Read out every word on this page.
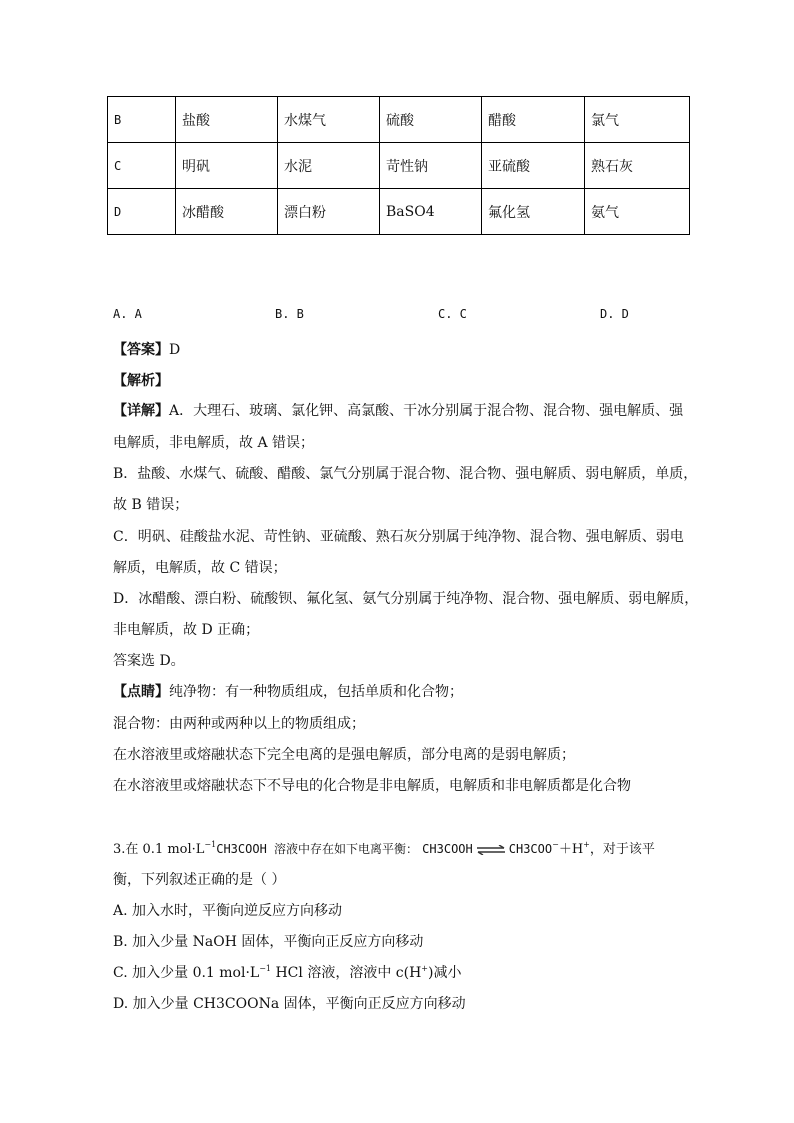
B	盐酸	水煤气	硫酸	醋酸	氯气
C	明矾	水泥	苛性钠	亚硫酸	熟石灰
D	冰醋酸	漂白粉	BaSO4	氟化氢	氨气
A. A	B. B	C. C	D. D
【答案】D
【解析】
【详解】A．大理石、玻璃、氯化钾、高氯酸、干冰分别属于混合物、混合物、强电解质、强
电解质，非电解质，故 A 错误；
B．盐酸、水煤气、硫酸、醋酸、氯气分别属于混合物、混合物、强电解质、弱电解质，单质，
故 B 错误；
C．明矾、硅酸盐水泥、苛性钠、亚硫酸、熟石灰分别属于纯净物、混合物、强电解质、弱电
解质，电解质，故 C 错误；
D．冰醋酸、漂白粉、硫酸钡、氟化氢、氨气分别属于纯净物、混合物、强电解质、弱电解质，
非电解质，故 D 正确；
答案选 D。
【点睛】纯净物：有一种物质组成，包括单质和化合物；
混合物：由两种或两种以上的物质组成；
在水溶液里或熔融状态下完全电离的是强电解质，部分电离的是弱电解质；
在水溶液里或熔融状态下不导电的化合物是非电解质，电解质和非电解质都是化合物
3.在 0.1 $mol\cdot L^{-1}CH3COOH$ 溶液中存在如下电离平衡： CH3COOH ⇌ CH3COO−＋H+，对于该平
衡，下列叙述正确的是（ ）
A. 加入水时，平衡向逆反应方向移动
B. 加入少量 NaOH 固体，平衡向正反应方向移动
C. 加入少量 0.1 $mol\cdot L^{-1}$ HCl 溶液，溶液中 c(H+)减小
D. 加入少量 CH3COONa 固体，平衡向正反应方向移动
